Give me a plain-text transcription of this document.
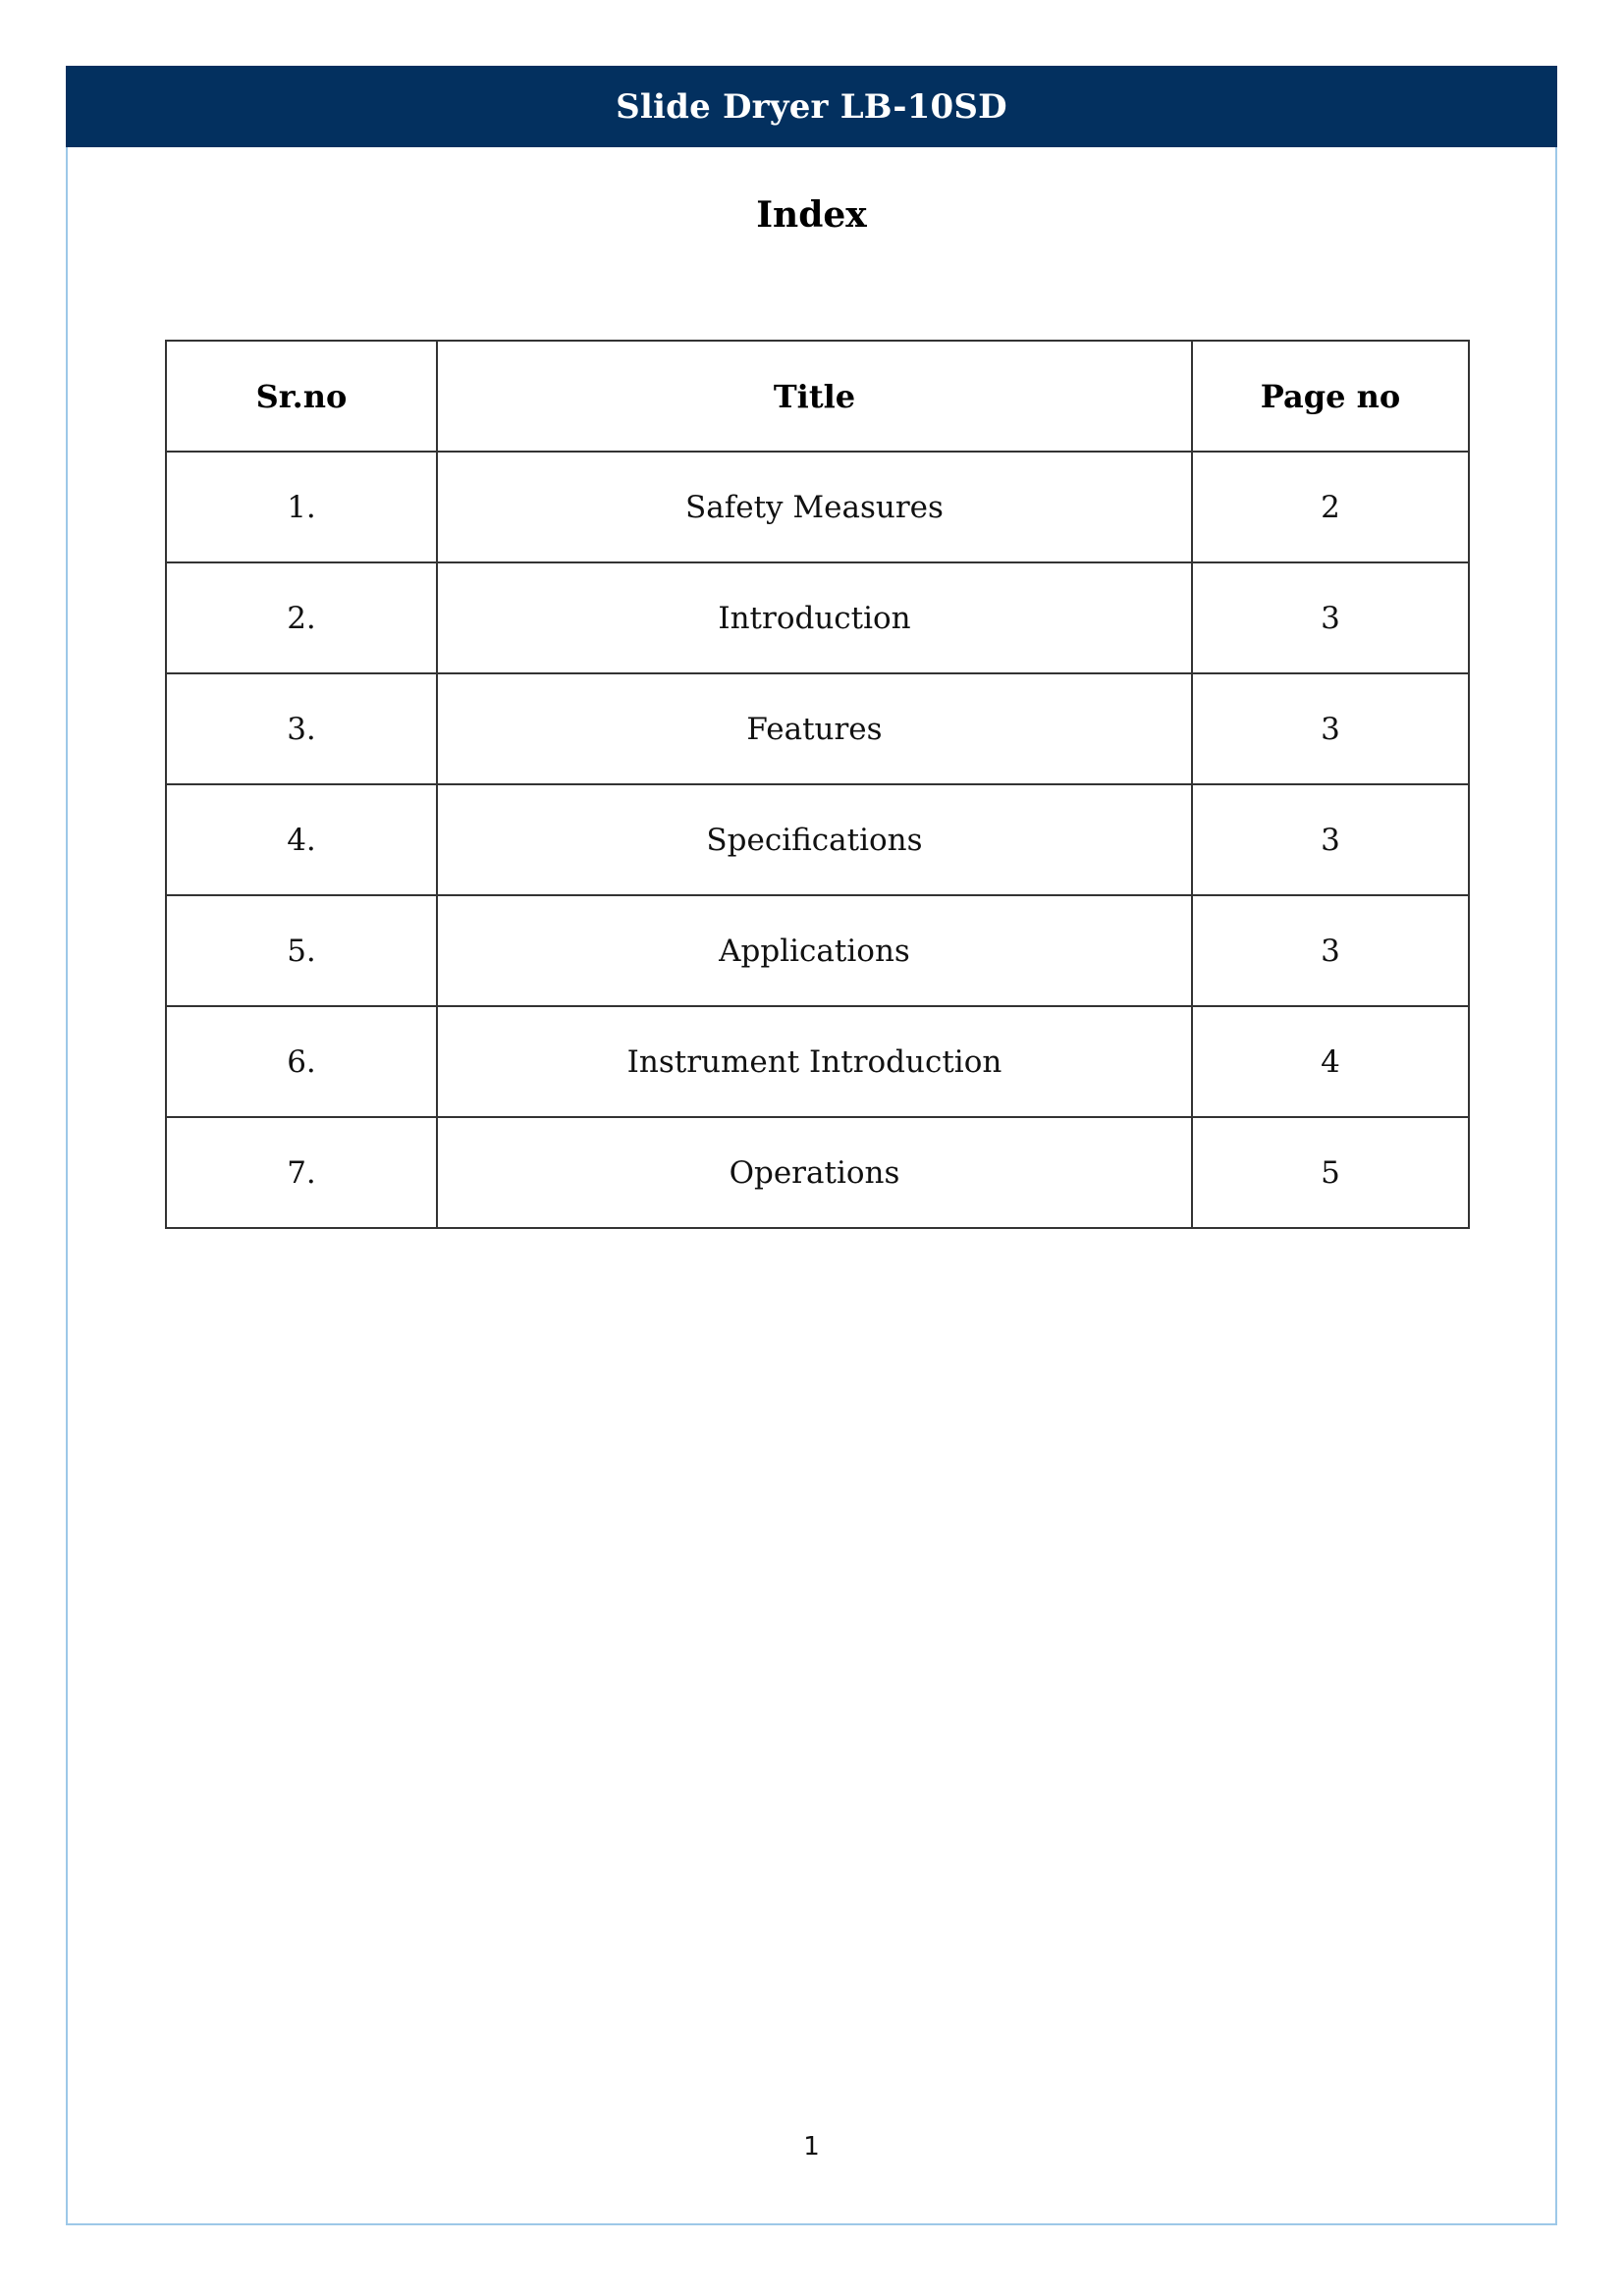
Slide Dryer LB-10SD
Index
Sr.no	Title	Page no
1.	Safety Measures	2
2.	Introduction	3
3.	Features	3
4.	Specifications	3
5.	Applications	3
6.	Instrument Introduction	4
7.	Operations	5
1
